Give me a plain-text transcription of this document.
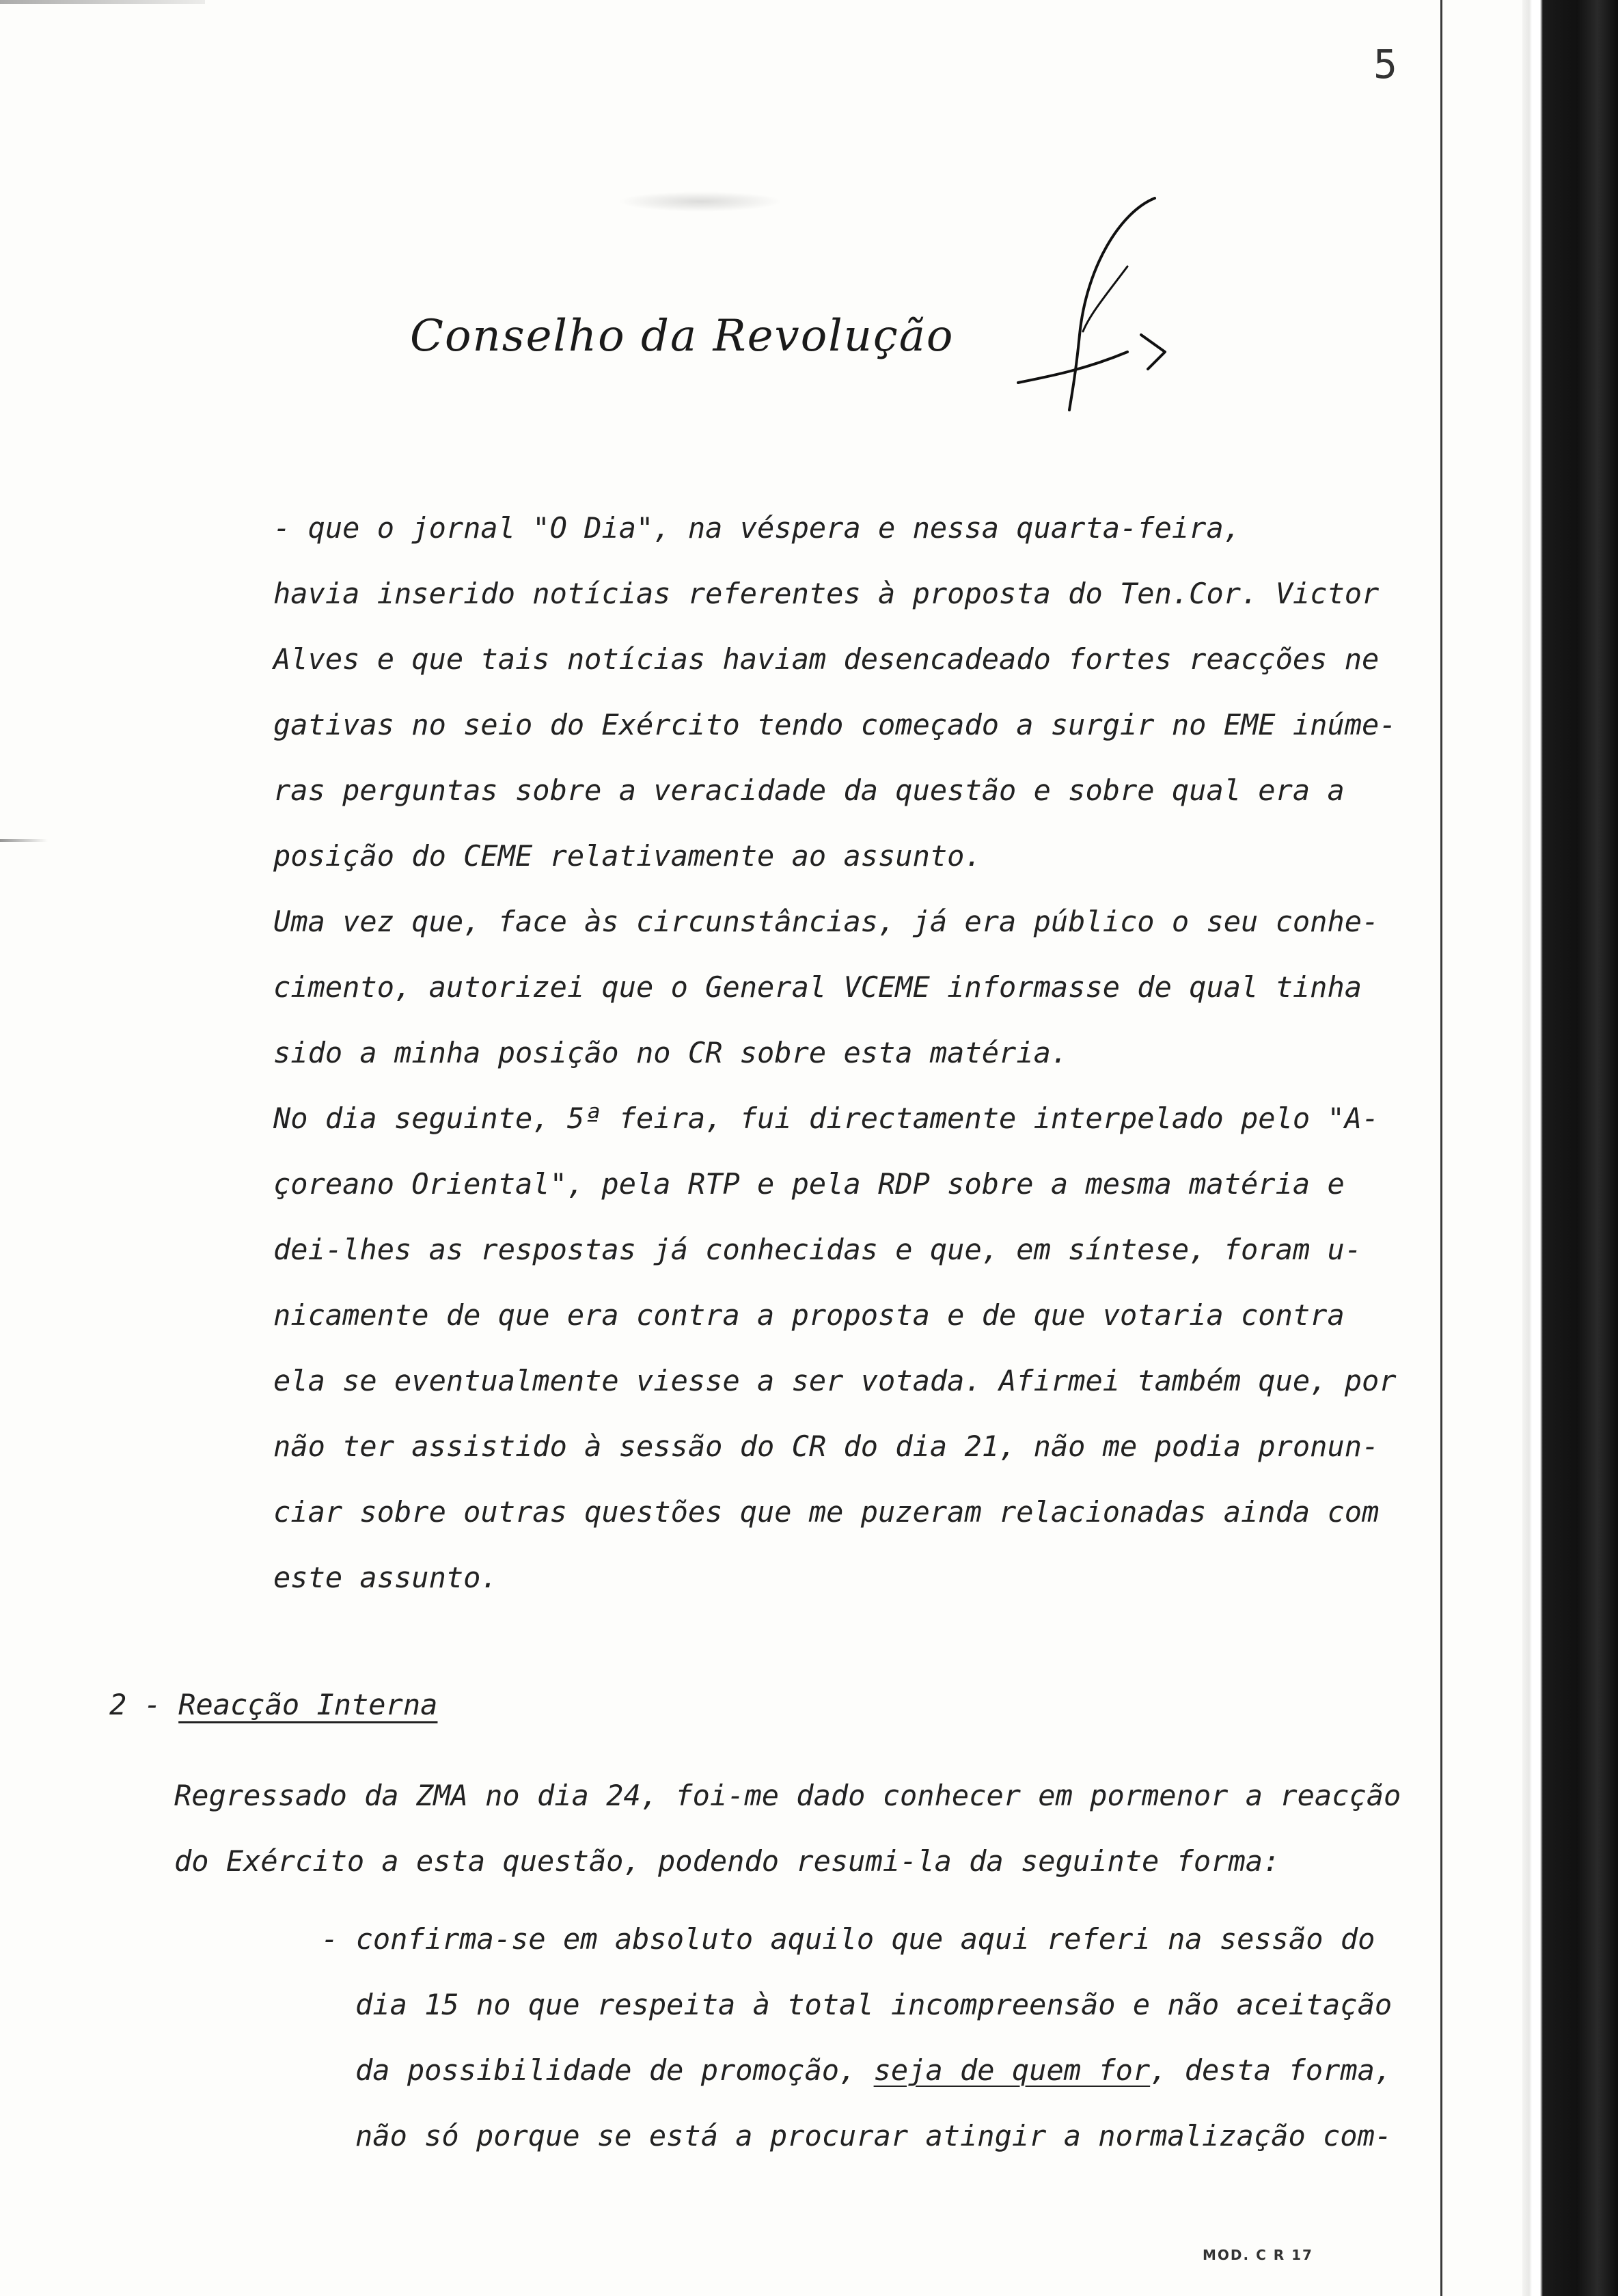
5
Conselho da Revolução
- que o jornal "O Dia", na véspera e nessa quarta-feira,
havia inserido notícias referentes à proposta do Ten.Cor. Victor
Alves e que tais notícias haviam desencadeado fortes reacções ne
gativas no seio do Exército tendo começado a surgir no EME inúme-
ras perguntas sobre a veracidade da questão e sobre qual era a
posição do CEME relativamente ao assunto.
Uma vez que, face às circunstâncias, já era público o seu conhe-
cimento, autorizei que o General VCEME informasse de qual tinha
sido a minha posição no CR sobre esta matéria.
No dia seguinte, 5ª feira, fui directamente interpelado pelo "A-
çoreano Oriental", pela RTP e pela RDP sobre a mesma matéria e
dei-lhes as respostas já conhecidas e que, em síntese, foram u-
nicamente de que era contra a proposta e de que votaria contra
ela se eventualmente viesse a ser votada. Afirmei também que, por
não ter assistido à sessão do CR do dia 21, não me podia pronun-
ciar sobre outras questões que me puzeram relacionadas ainda com
este assunto.
2 - Reacção Interna
Regressado da ZMA no dia 24, foi-me dado conhecer em pormenor a reacção
do Exército a esta questão, podendo resumi-la da seguinte forma:
- confirma-se em absoluto aquilo que aqui referi na sessão do
dia 15 no que respeita à total incompreensão e não aceitação
da possibilidade de promoção, seja de quem for, desta forma,
não só porque se está a procurar atingir a normalização com-
MOD. C R 17
